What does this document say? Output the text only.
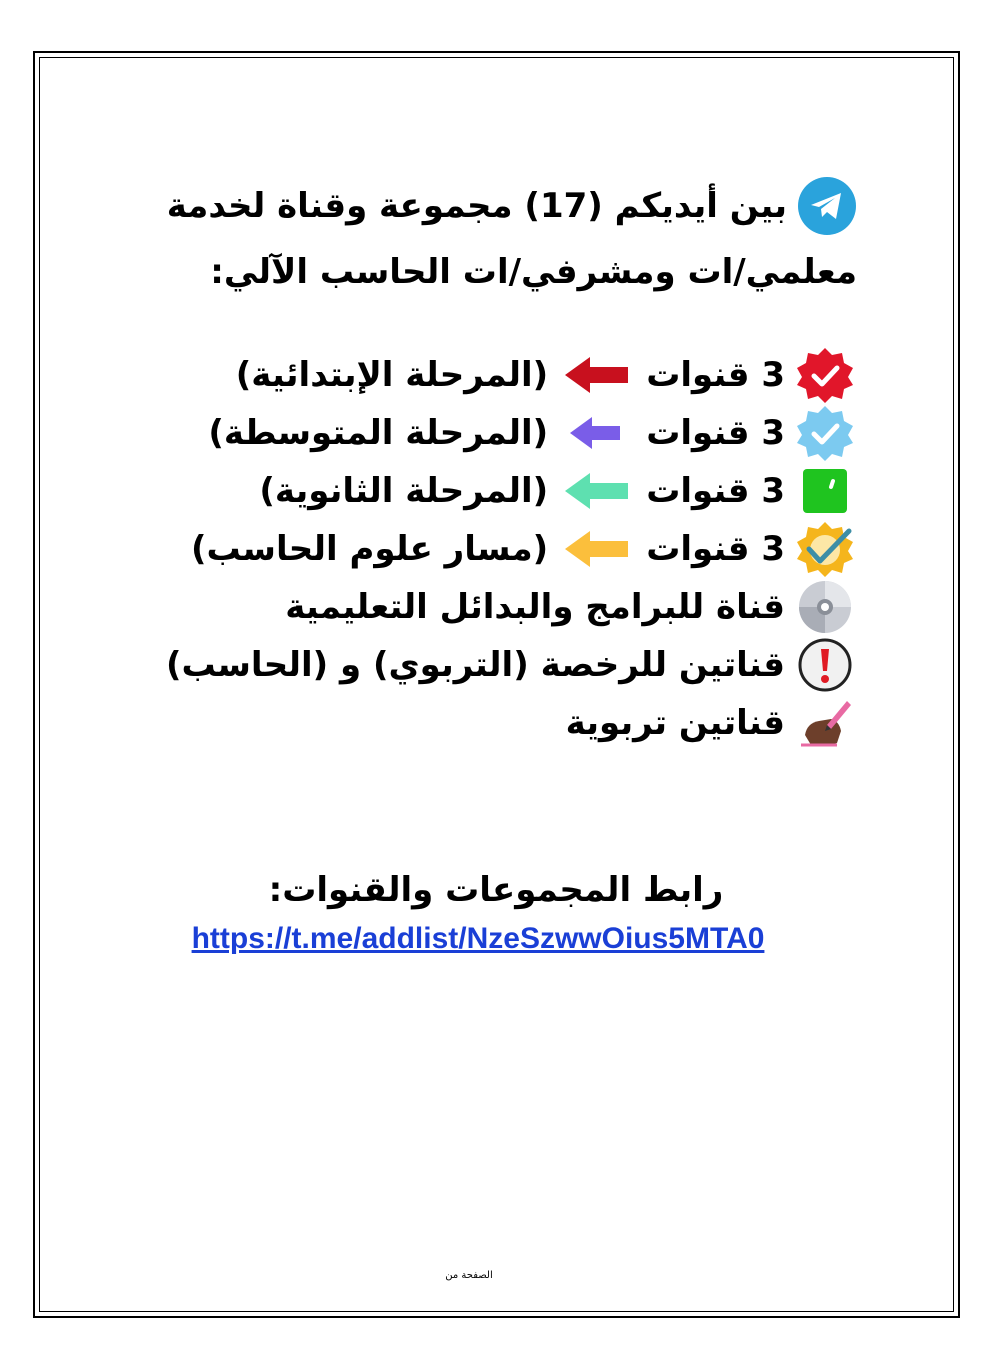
بين أيديكم (17) مجموعة وقناة لخدمة
معلمي/ات ومشرفي/ات الحاسب الآلي:
3 قنوات
(المرحلة الإبتدائية)
3 قنوات
(المرحلة المتوسطة)
3 قنوات
(المرحلة الثانوية)
3 قنوات
(مسار علوم الحاسب)
قناة للبرامج والبدائل التعليمية
قناتين للرخصة (التربوي) و (الحاسب)
قناتين تربوية
رابط المجموعات والقنوات:
https://t.me/addlist/NzeSzwwOius5MTA0
الصفحة من
